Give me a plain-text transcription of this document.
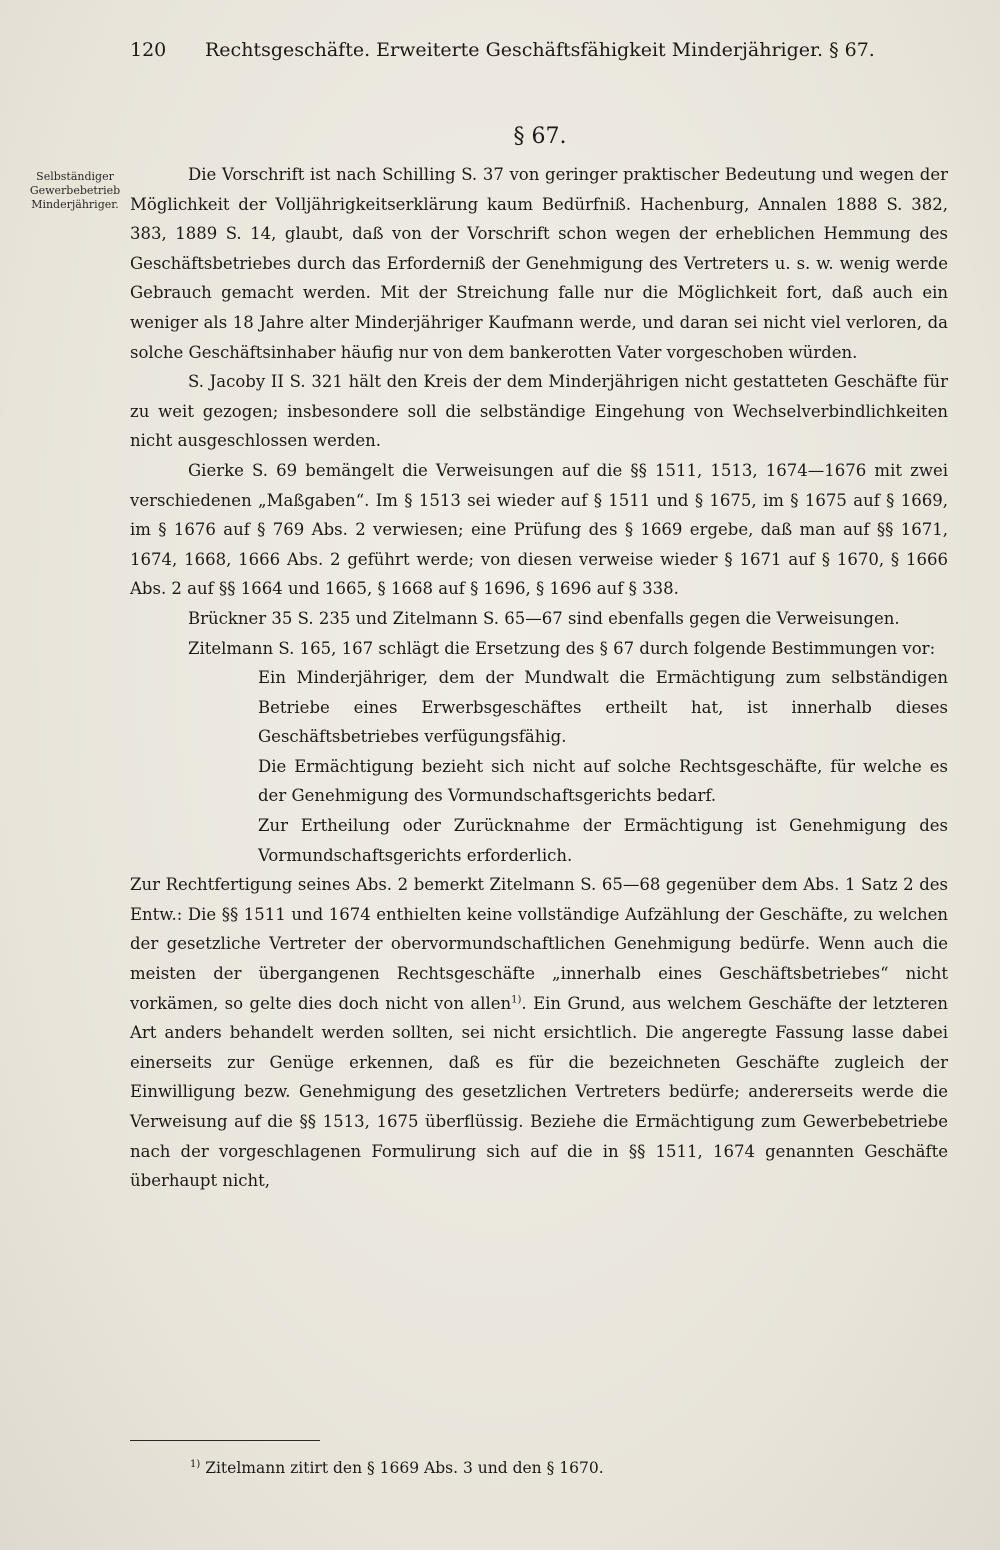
120 Rechtsgeschäfte. Erweiterte Geschäftsfähigkeit Minderjähriger. § 67.
§ 67.
Selbständiger Gewerbebetrieb Minderjähriger.

Die Vorschrift ist nach Schilling S. 37 von geringer praktischer Bedeutung und wegen der Möglichkeit der Volljährigkeitserklärung kaum Bedürfniß. Hachenburg, Annalen 1888 S. 382, 383, 1889 S. 14, glaubt, daß von der Vorschrift schon wegen der erheblichen Hemmung des Geschäftsbetriebes durch das Erforderniß der Genehmigung des Vertreters u. s. w. wenig werde Gebrauch gemacht werden. Mit der Streichung falle nur die Möglichkeit fort, daß auch ein weniger als 18 Jahre alter Minderjähriger Kaufmann werde, und daran sei nicht viel verloren, da solche Geschäftsinhaber häufig nur von dem bankerotten Vater vorgeschoben würden.

S. Jacoby II S. 321 hält den Kreis der dem Minderjährigen nicht gestatteten Geschäfte für zu weit gezogen; insbesondere soll die selbständige Eingehung von Wechselverbindlichkeiten nicht ausgeschlossen werden.

Gierke S. 69 bemängelt die Verweisungen auf die §§ 1511, 1513, 1674—1676 mit zwei verschiedenen „Maßgaben“. Im § 1513 sei wieder auf § 1511 und § 1675, im § 1675 auf § 1669, im § 1676 auf § 769 Abs. 2 verwiesen; eine Prüfung des § 1669 ergebe, daß man auf §§ 1671, 1674, 1668, 1666 Abs. 2 geführt werde; von diesen verweise wieder § 1671 auf § 1670, § 1666 Abs. 2 auf §§ 1664 und 1665, § 1668 auf § 1696, § 1696 auf § 338.

Brückner 35 S. 235 und Zitelmann S. 65—67 sind ebenfalls gegen die Verweisungen.

Zitelmann S. 165, 167 schlägt die Ersetzung des § 67 durch folgende Bestimmungen vor:

Ein Minderjähriger, dem der Mundwalt die Ermächtigung zum selbständigen Betriebe eines Erwerbsgeschäftes ertheilt hat, ist innerhalb dieses Geschäftsbetriebes verfügungsfähig.

Die Ermächtigung bezieht sich nicht auf solche Rechtsgeschäfte, für welche es der Genehmigung des Vormundschaftsgerichts bedarf.

Zur Ertheilung oder Zurücknahme der Ermächtigung ist Genehmigung des Vormundschaftsgerichts erforderlich.

Zur Rechtfertigung seines Abs. 2 bemerkt Zitelmann S. 65—68 gegenüber dem Abs. 1 Satz 2 des Entw.: Die §§ 1511 und 1674 enthielten keine vollständige Aufzählung der Geschäfte, zu welchen der gesetzliche Vertreter der obervormundschaftlichen Genehmigung bedürfe. Wenn auch die meisten der übergangenen Rechtsgeschäfte „innerhalb eines Geschäftsbetriebes“ nicht vorkämen, so gelte dies doch nicht von allen$^{1)}$. Ein Grund, aus welchem Geschäfte der letzteren Art anders behandelt werden sollten, sei nicht ersichtlich. Die angeregte Fassung lasse dabei einerseits zur Genüge erkennen, daß es für die bezeichneten Geschäfte zugleich der Einwilligung bezw. Genehmigung des gesetzlichen Vertreters bedürfe; andererseits werde die Verweisung auf die §§ 1513, 1675 überflüssig. Beziehe die Ermächtigung zum Gewerbebetriebe nach der vorgeschlagenen Formulirung sich auf die in §§ 1511, 1674 genannten Geschäfte überhaupt nicht,

$^{1)}$ Zitelmann zitirt den § 1669 Abs. 3 und den § 1670.
